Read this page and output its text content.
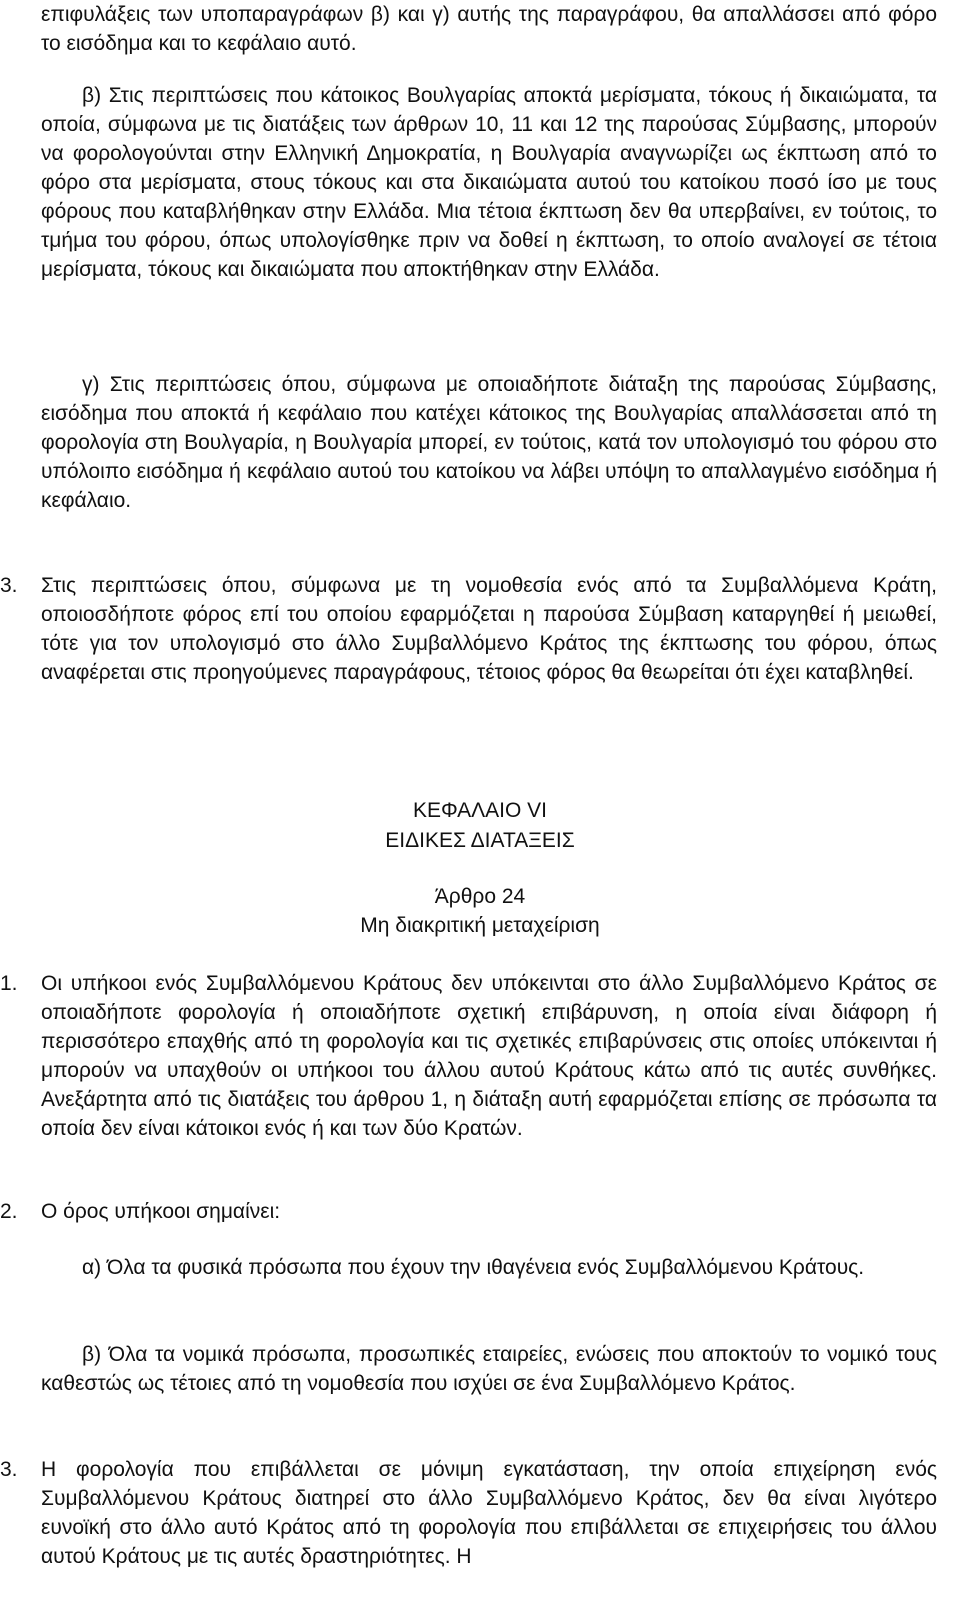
επιφυλάξεις των υποπαραγράφων β) και γ) αυτής της παραγράφου, θα απαλλάσσει από φόρο το εισόδημα και το κεφάλαιο αυτό.

β) Στις περιπτώσεις που κάτοικος Βουλγαρίας αποκτά μερίσματα, τόκους ή δικαιώματα, τα οποία, σύμφωνα με τις διατάξεις των άρθρων 10, 11 και 12 της παρούσας Σύμβασης, μπορούν να φορολογούνται στην Ελληνική Δημοκρατία, η Βουλγαρία αναγνωρίζει ως έκπτωση από το φόρο στα μερίσματα, στους τόκους και στα δικαιώματα αυτού του κατοίκου ποσό ίσο με τους φόρους που καταβλήθηκαν στην Ελλάδα. Μια τέτοια έκπτωση δεν θα υπερβαίνει, εν τούτοις, το τμήμα του φόρου, όπως υπολογίσθηκε πριν να δοθεί η έκπτωση, το οποίο αναλογεί σε τέτοια μερίσματα, τόκους και δικαιώματα που αποκτήθηκαν στην Ελλάδα.

γ) Στις περιπτώσεις όπου, σύμφωνα με οποιαδήποτε διάταξη της παρούσας Σύμβασης, εισόδημα που αποκτά ή κεφάλαιο που κατέχει κάτοικος της Βουλγαρίας απαλλάσσεται από τη φορολογία στη Βουλγαρία, η Βουλγαρία μπορεί, εν τούτοις, κατά τον υπολογισμό του φόρου στο υπόλοιπο εισόδημα ή κεφάλαιο αυτού του κατοίκου να λάβει υπόψη το απαλλαγμένο εισόδημα ή κεφάλαιο.

3. Στις περιπτώσεις όπου, σύμφωνα με τη νομοθεσία ενός από τα Συμβαλλόμενα Κράτη, οποιοσδήποτε φόρος επί του οποίου εφαρμόζεται η παρούσα Σύμβαση καταργηθεί ή μειωθεί, τότε για τον υπολογισμό στο άλλο Συμβαλλόμενο Κράτος της έκπτωσης του φόρου, όπως αναφέρεται στις προηγούμενες παραγράφους, τέτοιος φόρος θα θεωρείται ότι έχει καταβληθεί.

ΚΕΦΑΛΑΙΟ VI

ΕΙΔΙΚΕΣ ΔΙΑΤΑΞΕΙΣ

Άρθρο 24

Μη διακριτική μεταχείριση

1. Οι υπήκοοι ενός Συμβαλλόμενου Κράτους δεν υπόκεινται στο άλλο Συμβαλλόμενο Κράτος σε οποιαδήποτε φορολογία ή οποιαδήποτε σχετική επιβάρυνση, η οποία είναι διάφορη ή περισσότερο επαχθής από τη φορολογία και τις σχετικές επιβαρύνσεις στις οποίες υπόκεινται ή μπορούν να υπαχθούν οι υπήκοοι του άλλου αυτού Κράτους κάτω από τις αυτές συνθήκες. Ανεξάρτητα από τις διατάξεις του άρθρου 1, η διάταξη αυτή εφαρμόζεται επίσης σε πρόσωπα τα οποία δεν είναι κάτοικοι ενός ή και των δύο Κρατών.

2. Ο όρος υπήκοοι σημαίνει:

α) Όλα τα φυσικά πρόσωπα που έχουν την ιθαγένεια ενός Συμβαλλόμενου Κράτους.

β) Όλα τα νομικά πρόσωπα, προσωπικές εταιρείες, ενώσεις που αποκτούν το νομικό τους καθεστώς ως τέτοιες από τη νομοθεσία που ισχύει σε ένα Συμβαλλόμενο Κράτος.

3. Η φορολογία που επιβάλλεται σε μόνιμη εγκατάσταση, την οποία επιχείρηση ενός Συμβαλλόμενου Κράτους διατηρεί στο άλλο Συμβαλλόμενο Κράτος, δεν θα είναι λιγότερο ευνοϊκή στο άλλο αυτό Κράτος από τη φορολογία που επιβάλλεται σε επιχειρήσεις του άλλου αυτού Κράτους με τις αυτές δραστηριότητες. Η
